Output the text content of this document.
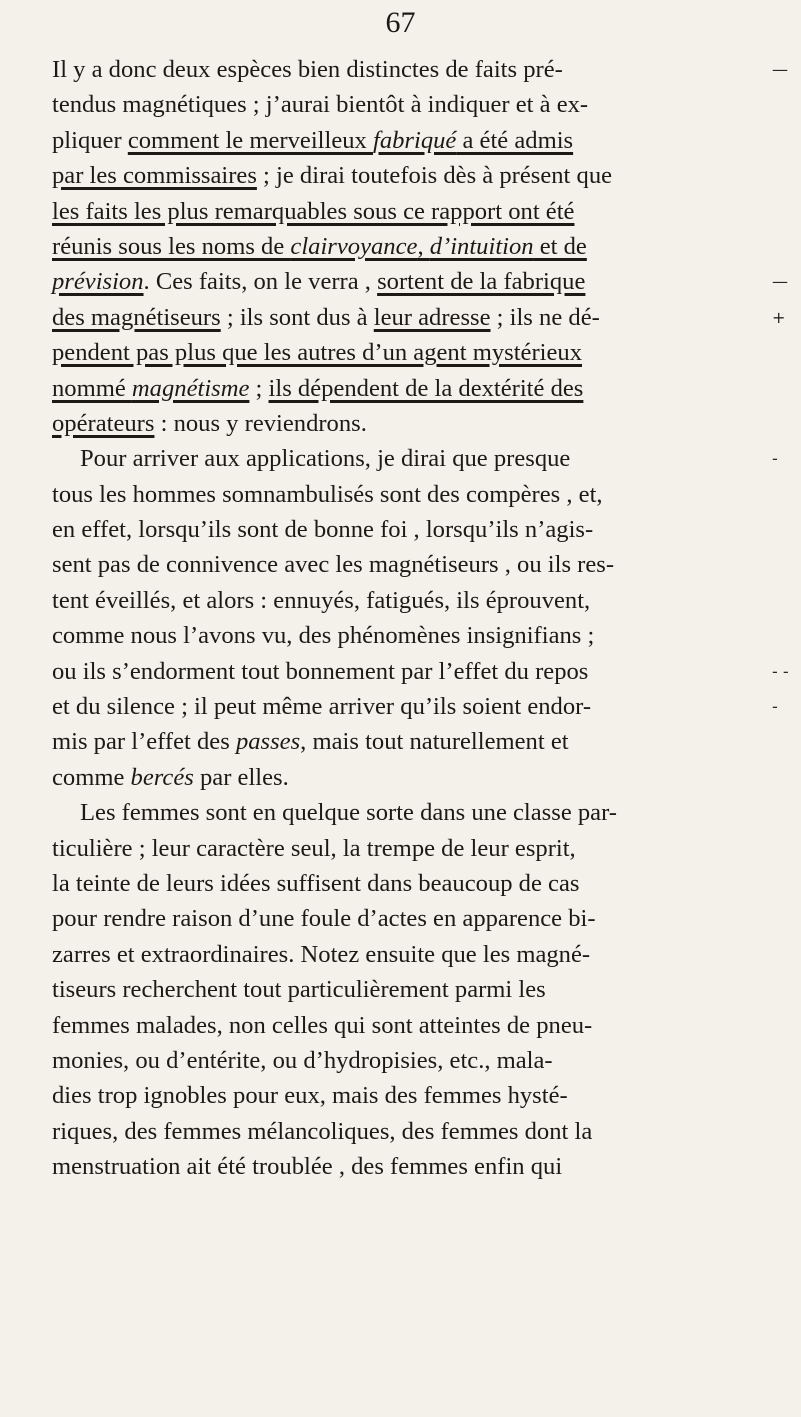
67
Il y a donc deux espèces bien distinctes de faits pré-
tendus magnétiques ; j’aurai bientôt à indiquer et à ex-
pliquer comment le merveilleux fabriqué a été admis
par les commissaires ; je dirai toutefois dès à présent que
les faits les plus remarquables sous ce rapport ont été
réunis sous les noms de clairvoyance, d’intuition et de
prévision. Ces faits, on le verra , sortent de la fabrique
des magnétiseurs ; ils sont dus à leur adresse ; ils ne dé-
pendent pas plus que les autres d’un agent mystérieux
nommé magnétisme ; ils dépendent de la dextérité des
opérateurs : nous y reviendrons.
Pour arriver aux applications, je dirai que presque
tous les hommes somnambulisés sont des compères , et,
en effet, lorsqu’ils sont de bonne foi , lorsqu’ils n’agis-
sent pas de connivence avec les magnétiseurs , ou ils res-
tent éveillés, et alors : ennuyés, fatigués, ils éprouvent,
comme nous l’avons vu, des phénomènes insignifians ;
ou ils s’endorment tout bonnement par l’effet du repos
et du silence ; il peut même arriver qu’ils soient endor-
mis par l’effet des passes, mais tout naturellement et
comme bercés par elles.
Les femmes sont en quelque sorte dans une classe par-
ticulière ; leur caractère seul, la trempe de leur esprit,
la teinte de leurs idées suffisent dans beaucoup de cas
pour rendre raison d’une foule d’actes en apparence bi-
zarres et extraordinaires. Notez ensuite que les magné-
tiseurs recherchent tout particulièrement parmi les
femmes malades, non celles qui sont atteintes de pneu-
monies, ou d’entérite, ou d’hydropisies, etc., mala-
dies trop ignobles pour eux, mais des femmes hysté-
riques, des femmes mélancoliques, des femmes dont la
menstruation ait été troublée , des femmes enfin qui
—
—
+
-
- -
-
